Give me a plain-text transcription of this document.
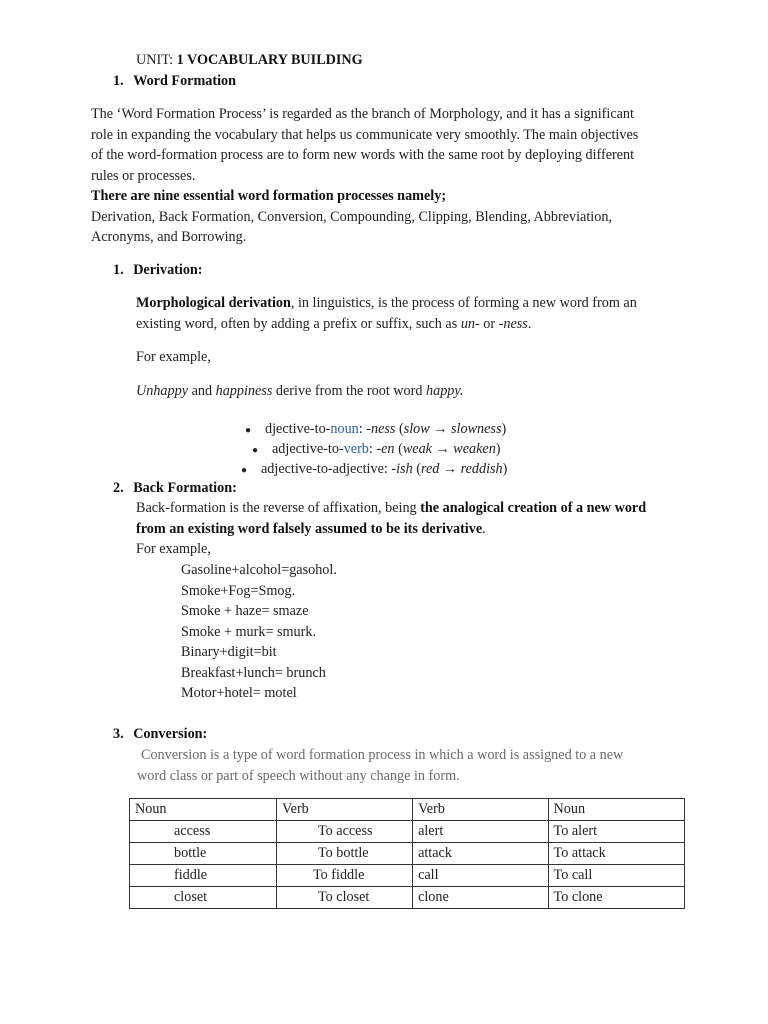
UNIT: 1 VOCABULARY BUILDING
1. Word Formation
The ‘Word Formation Process’ is regarded as the branch of Morphology, and it has a significant
role in expanding the vocabulary that helps us communicate very smoothly. The main objectives
of the word-formation process are to form new words with the same root by deploying different
rules or processes.
There are nine essential word formation processes namely;
Derivation, Back Formation, Conversion, Compounding, Clipping, Blending, Abbreviation,
Acronyms, and Borrowing.
1. Derivation:
Morphological derivation, in linguistics, is the process of forming a new word from an
existing word, often by adding a prefix or suffix, such as un- or -ness.
For example,
Unhappy and happiness derive from the root word happy.
● djective-to-noun: -ness (slow → slowness)
● adjective-to-verb: -en (weak → weaken)
● adjective-to-adjective: -ish (red → reddish)
2. Back Formation:
Back-formation is the reverse of affixation, being the analogical creation of a new word
from an existing word falsely assumed to be its derivative.
For example,
Gasoline+alcohol=gasohol.
Smoke+Fog=Smog.
Smoke + haze= smaze
Smoke + murk= smurk.
Binary+digit=bit
Breakfast+lunch= brunch
Motor+hotel= motel
3. Conversion:
Conversion is a type of word formation process in which a word is assigned to a new
word class or part of speech without any change in form.
Noun	Verb	Verb	Noun
access	To access	alert	To alert
bottle	To bottle	attack	To attack
fiddle	To fiddle	call	To call
closet	To closet	clone	To clone
